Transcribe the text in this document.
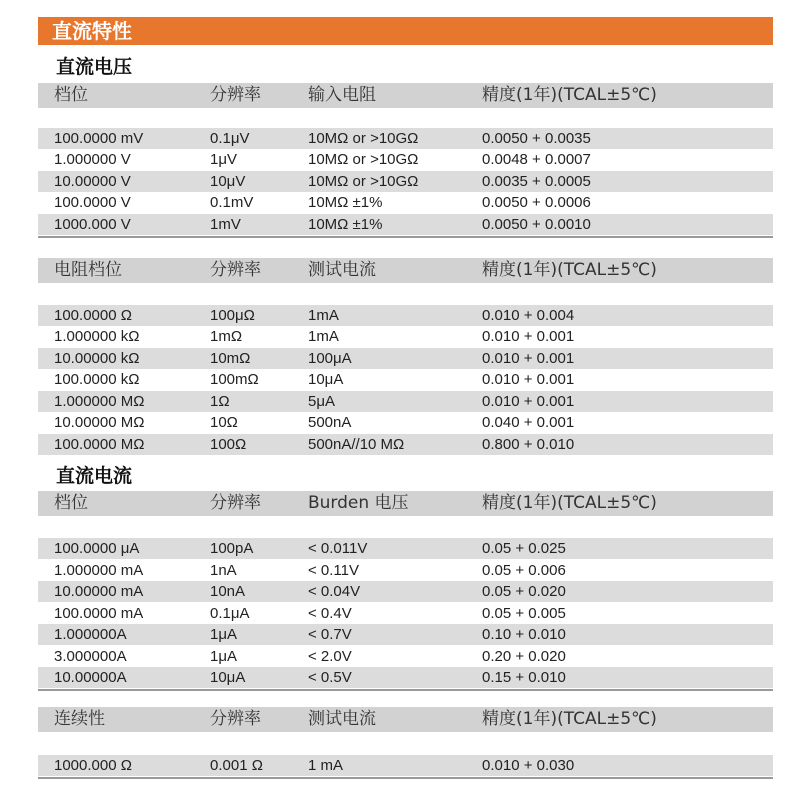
直流特性
直流电压
档位	分辨率	输入电阻	精度(1年)(TCAL±5℃)
100.0000 mV	0.1μV	10MΩ or >10GΩ	0.0050 + 0.0035
1.000000 V	1μV	10MΩ or >10GΩ	0.0048 + 0.0007
10.00000 V	10μV	10MΩ or >10GΩ	0.0035 + 0.0005
100.0000 V	0.1mV	10MΩ ±1%	0.0050 + 0.0006
1000.000 V	1mV	10MΩ ±1%	0.0050 + 0.0010
电阻档位	分辨率	测试电流	精度(1年)(TCAL±5℃)
100.0000 Ω	100μΩ	1mA	0.010 + 0.004
1.000000 kΩ	1mΩ	1mA	0.010 + 0.001
10.00000 kΩ	10mΩ	100μA	0.010 + 0.001
100.0000 kΩ	100mΩ	10μA	0.010 + 0.001
1.000000 MΩ	1Ω	5μA	0.010 + 0.001
10.00000 MΩ	10Ω	500nA	0.040 + 0.001
100.0000 MΩ	100Ω	500nA//10 MΩ	0.800 + 0.010
直流电流
档位	分辨率	Burden 电压	精度(1年)(TCAL±5℃)
100.0000 μA	100pA	< 0.011V	0.05 + 0.025
1.000000 mA	1nA	< 0.11V	0.05 + 0.006
10.00000 mA	10nA	< 0.04V	0.05 + 0.020
100.0000 mA	0.1μA	< 0.4V	0.05 + 0.005
1.000000A	1μA	< 0.7V	0.10 + 0.010
3.000000A	1μA	< 2.0V	0.20 + 0.020
10.00000A	10μA	< 0.5V	0.15 + 0.010
连续性	分辨率	测试电流	精度(1年)(TCAL±5℃)
1000.000 Ω	0.001 Ω	1 mA	0.010 + 0.030
